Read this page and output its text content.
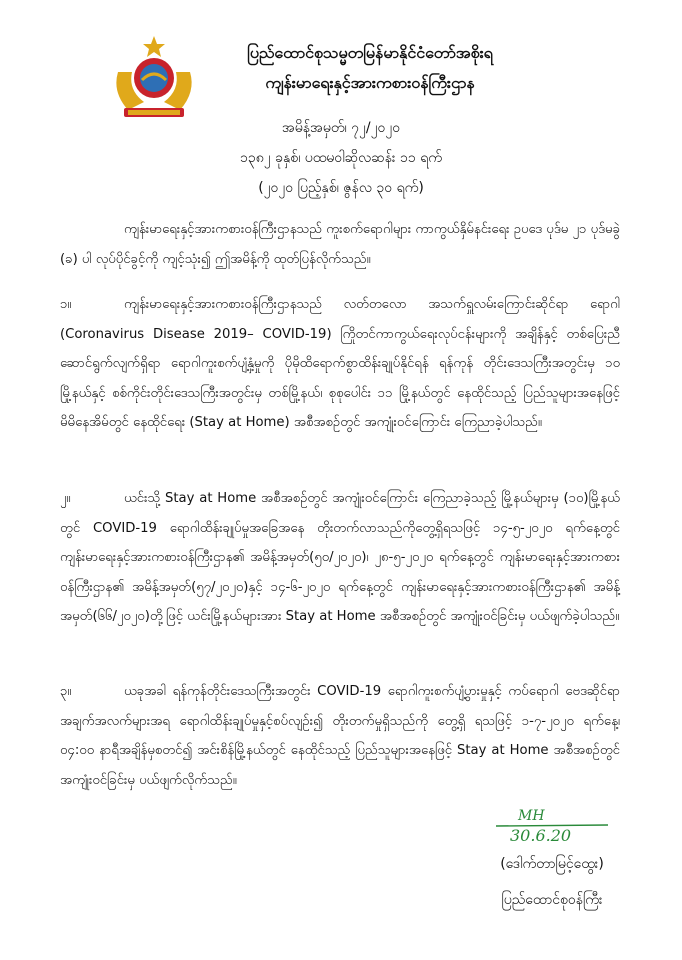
ပြည်ထောင်စုသမ္မတမြန်မာနိုင်ငံတော်အစိုးရ
ကျန်းမာရေးနှင့်အားကစားဝန်ကြီးဌာန
အမိန့်အမှတ်၊ ၇၂/၂၀၂၀
၁၃၈၂ ခုနှစ်၊ ပထမဝါဆိုလဆန်း ၁၁ ရက်
(၂၀၂၀ ပြည့်နှစ်၊ ဇွန်လ ၃၀ ရက်)
ကျန်းမာရေးနှင့်အားကစားဝန်ကြီးဌာနသည် ကူးစက်ရောဂါများ ကာကွယ်နှိမ်နင်းရေး ဥပဒေ ပုဒ်မ ၂၁ ပုဒ်မခွဲ (ခ) ပါ လုပ်ပိုင်ခွင့်ကို ကျင့်သုံး၍ ဤအမိန့်ကို ထုတ်ပြန်လိုက်သည်။
၁။	ကျန်းမာရေးနှင့်အားကစားဝန်ကြီးဌာနသည် လတ်တလော အသက်ရှူလမ်းကြောင်းဆိုင်ရာ ရောဂါ (Coronavirus Disease 2019– COVID-19) ကြိုတင်ကာကွယ်ရေးလုပ်ငန်းများကို အချိန်နှင့် တစ်ပြေးညီ ဆောင်ရွက်လျက်ရှိရာ ရောဂါကူးစက်ပျံ့နှံ့မှုကို ပိုမိုထိရောက်စွာထိန်းချုပ်နိုင်ရန် ရန်ကုန် တိုင်းဒေသကြီးအတွင်းမှ ၁၀ မြို့နယ်နှင့် စစ်ကိုင်းတိုင်းဒေသကြီးအတွင်းမှ တစ်မြို့နယ်၊ စုစုပေါင်း ၁၁ မြို့နယ်တွင် နေထိုင်သည့် ပြည်သူများအနေဖြင့် မိမိနေအိမ်တွင် နေထိုင်ရေး (Stay at Home) အစီအစဉ်တွင် အကျုံးဝင်ကြောင်း ကြေညာခဲ့ပါသည်။
၂။	ယင်းသို့ Stay at Home အစီအစဉ်တွင် အကျုံးဝင်ကြောင်း ကြေညာခဲ့သည့် မြို့နယ်များမှ (၁၀)မြို့နယ်တွင် COVID-19 ရောဂါထိန်းချုပ်မှုအခြေအနေ တိုးတက်လာသည်ကိုတွေ့ရှိရသဖြင့် ၁၄-၅-၂၀၂၀ ရက်နေ့တွင် ကျန်းမာရေးနှင့်အားကစားဝန်ကြီးဌာန၏ အမိန့်အမှတ်(၅၀/၂၀၂၀)၊ ၂၈-၅-၂၀၂၀ ရက်နေ့တွင် ကျန်းမာရေးနှင့်အားကစားဝန်ကြီးဌာန၏ အမိန့်အမှတ်(၅၇/၂၀၂၀)နှင့် ၁၄-၆-၂၀၂၀ ရက်နေ့တွင် ကျန်းမာရေးနှင့်အားကစားဝန်ကြီးဌာန၏ အမိန့်အမှတ်(၆၆/၂၀၂၀)တို့ဖြင့် ယင်းမြို့နယ်များအား Stay at Home အစီအစဉ်တွင် အကျုံးဝင်ခြင်းမှ ပယ်ဖျက်ခဲ့ပါသည်။
၃။	ယခုအခါ ရန်ကုန်တိုင်းဒေသကြီးအတွင်း COVID-19 ရောဂါကူးစက်ပျံ့ပွားမှုနှင့် ကပ်ရောဂါ ဗေဒဆိုင်ရာ အချက်အလက်များအရ ရောဂါထိန်းချုပ်မှုနှင့်စပ်လျဉ်း၍ တိုးတက်မှုရှိသည်ကို တွေ့ရှိ ရသဖြင့် ၁-၇-၂၀၂၀ ရက်နေ့၊ ၀၄:၀၀ နာရီအချိန်မှစတင်၍ အင်းစိန်မြို့နယ်တွင် နေထိုင်သည့် ပြည်သူများအနေဖြင့် Stay at Home အစီအစဉ်တွင် အကျုံးဝင်ခြင်းမှ ပယ်ဖျက်လိုက်သည်။
MH
30.6.20
(ဒေါက်တာမြင့်ထွေး)
ပြည်ထောင်စုဝန်ကြီး
